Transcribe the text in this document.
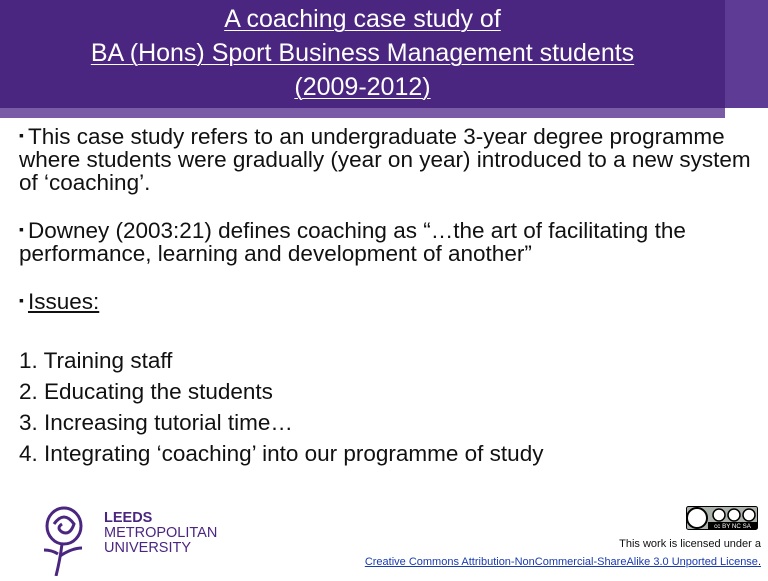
A coaching case study of
BA (Hons) Sport Business Management students
(2009-2012)

▪ This case study refers to an undergraduate 3-year degree programme where students were gradually (year on year) introduced to a new system of ‘coaching’.

▪ Downey (2003:21) defines coaching as “…the art of facilitating the performance, learning and development of another”

▪ Issues:

1. Training staff

2. Educating the students

3. Increasing tutorial time…

4. Integrating ‘coaching’ into our programme of study

LEEDS
METROPOLITAN
UNIVERSITY
cc BY NC SA
This work is licensed under a
Creative Commons Attribution-NonCommercial-ShareAlike 3.0 Unported License.
